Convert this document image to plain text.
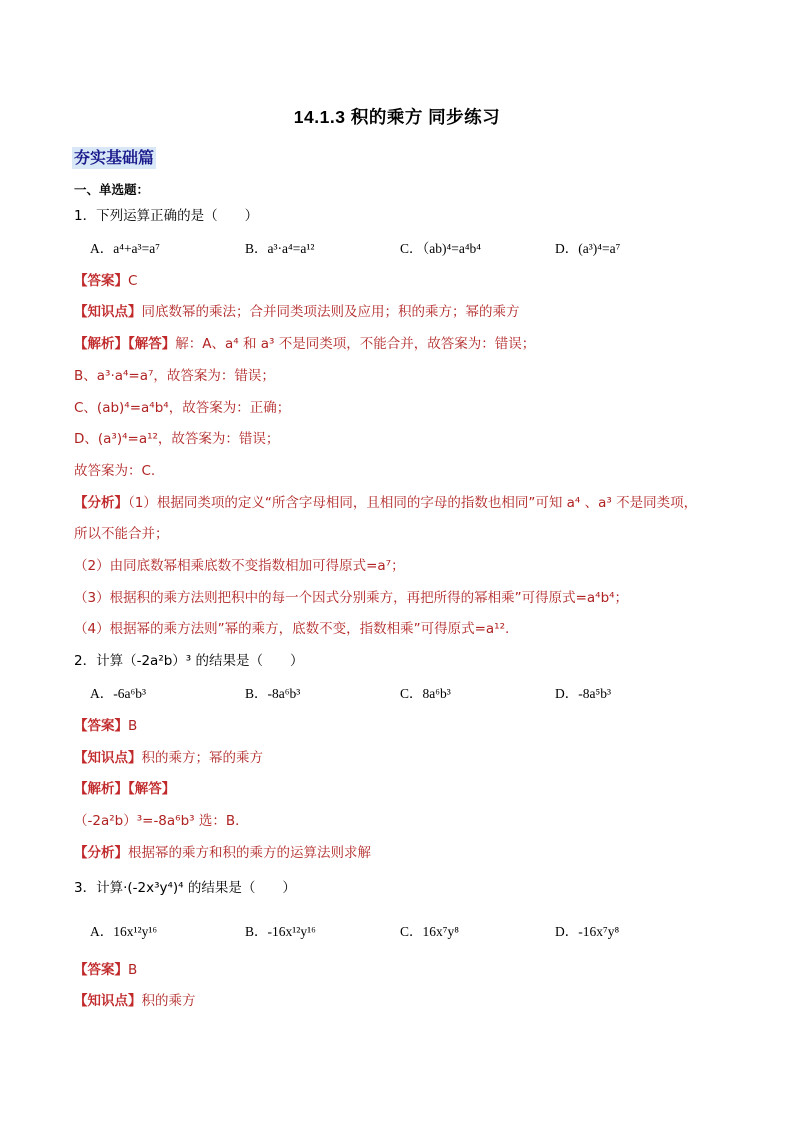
14.1.3 积的乘方 同步练习
夯实基础篇
一、单选题：
1．下列运算正确的是（　　）
A．a⁴+a³=a⁷	B．a³·a⁴=a¹²	C．（ab)⁴=a⁴b⁴	D．(a³)⁴=a⁷
【答案】C
【知识点】同底数幂的乘法；合并同类项法则及应用；积的乘方；幂的乘方
【解析】【解答】解：A、a⁴ 和 a³ 不是同类项，不能合并，故答案为：错误；
B、a³·a⁴=a⁷，故答案为：错误；
C、(ab)⁴=a⁴b⁴，故答案为：正确；
D、(a³)⁴=a¹²，故答案为：错误；
故答案为：C.
【分析】（1）根据同类项的定义“所含字母相同，且相同的字母的指数也相同”可知 a⁴ 、a³ 不是同类项，
所以不能合并；
（2）由同底数幂相乘底数不变指数相加可得原式=a⁷；
（3）根据积的乘方法则把积中的每一个因式分别乘方，再把所得的幂相乘”可得原式=a⁴b⁴；
（4）根据幂的乘方法则”幂的乘方，底数不变，指数相乘”可得原式=a¹².
2．计算（-2a²b）³ 的结果是（　　）
A．-6a⁶b³	B．-8a⁶b³	C．8a⁶b³	D．-8a⁵b³
【答案】B
【知识点】积的乘方；幂的乘方
【解析】【解答】
（-2a²b）³=-8a⁶b³ 选：B．
【分析】根据幂的乘方和积的乘方的运算法则求解
3．计算·(-2x³y⁴)⁴ 的结果是（　　）
A．16x¹²y¹⁶	B．-16x¹²y¹⁶	C．16x⁷y⁸	D．-16x⁷y⁸
【答案】B
【知识点】积的乘方
